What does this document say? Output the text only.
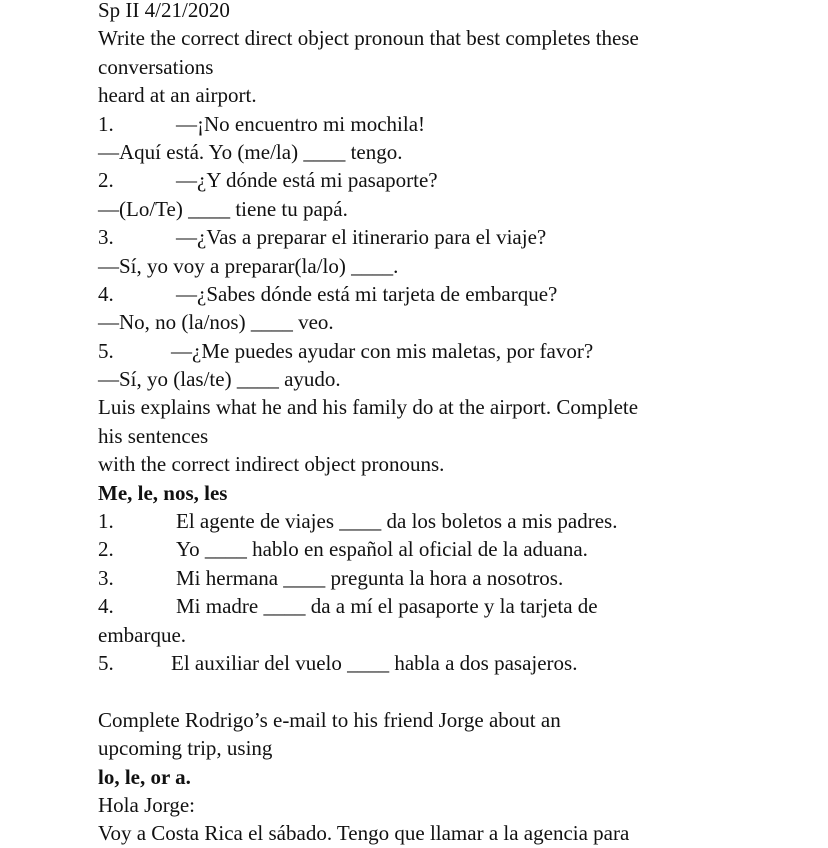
Sp II 4/21/2020
Write the correct direct object pronoun that best completes these
conversations
heard at an airport.
1.	—¡No encuentro mi mochila!
—Aquí está. Yo (me/la) ____ tengo.
2.	—¿Y dónde está mi pasaporte?
—(Lo/Te) ____ tiene tu papá.
3.	—¿Vas a preparar el itinerario para el viaje?
—Sí, yo voy a preparar(la/lo) ____.
4.	—¿Sabes dónde está mi tarjeta de embarque?
—No, no (la/nos) ____ veo.
5.	—¿Me puedes ayudar con mis maletas, por favor?
—Sí, yo (las/te) ____ ayudo.
Luis explains what he and his family do at the airport. Complete
his sentences
with the correct indirect object pronouns.
Me, le, nos, les
1.	El agente de viajes ____ da los boletos a mis padres.
2.	Yo ____ hablo en español al oficial de la aduana.
3.	Mi hermana ____ pregunta la hora a nosotros.
4.	Mi madre ____ da a mí el pasaporte y la tarjeta de
embarque.
5.	El auxiliar del vuelo ____ habla a dos pasajeros.
Complete Rodrigo’s e-mail to his friend Jorge about an
upcoming trip, using
lo, le, or a.
Hola Jorge:
Voy a Costa Rica el sábado. Tengo que llamar a la agencia para
